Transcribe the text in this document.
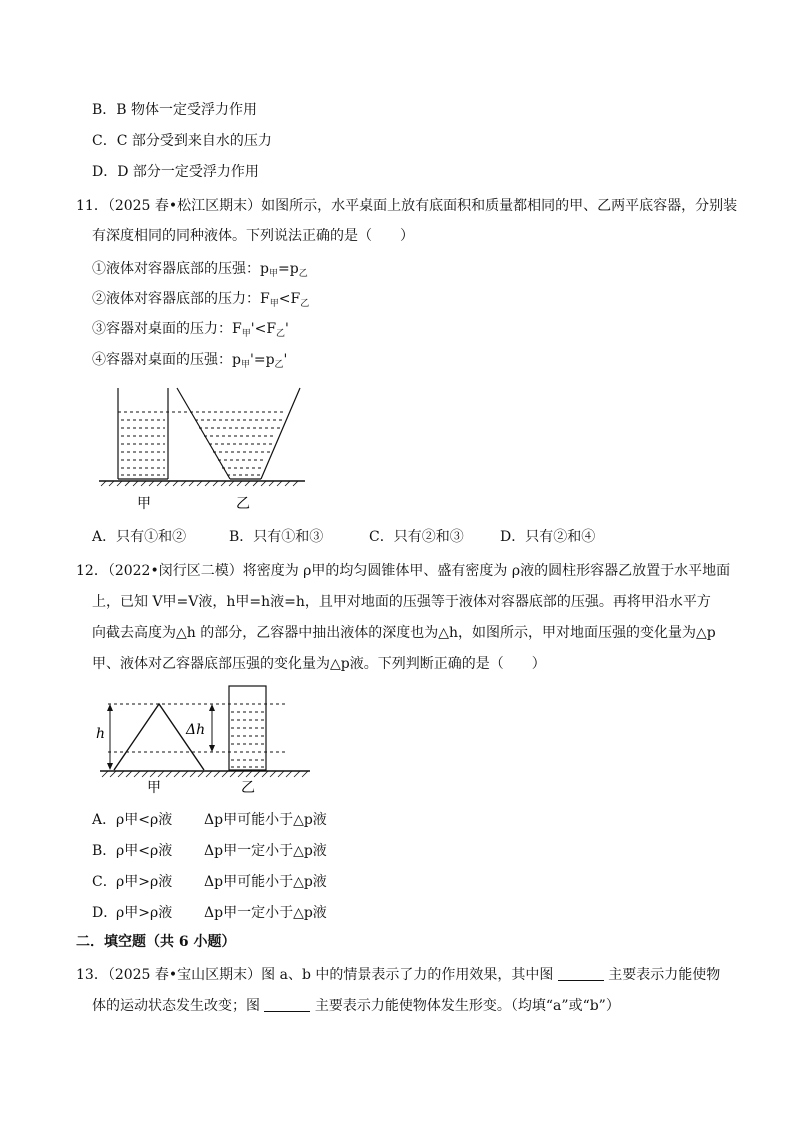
B．B 物体一定受浮力作用
C．C 部分受到来自水的压力
D．D 部分一定受浮力作用
11．（2025 春•松江区期末）如图所示，水平桌面上放有底面积和质量都相同的甲、乙两平底容器，分别装
有深度相同的同种液体。下列说法正确的是（　　）
①液体对容器底部的压强：$p_甲=p_乙$
②液体对容器底部的压力：$F_甲<F_乙$
③容器对桌面的压力：$F_甲'<F_乙'$
④容器对桌面的压强：$p_甲'=p_乙'$
甲	乙
A．只有①和②	B．只有①和③	C．只有②和③	D．只有②和④
12．（2022•闵行区二模）将密度为 ρ甲的均匀圆锥体甲、盛有密度为 ρ液的圆柱形容器乙放置于水平地面
上，已知 V甲=V液，h甲=h液=h，且甲对地面的压强等于液体对容器底部的压强。再将甲沿水平方
向截去高度为△h 的部分，乙容器中抽出液体的深度也为△h，如图所示，甲对地面压强的变化量为△p
甲、液体对乙容器底部压强的变化量为△p液。下列判断正确的是（　　）
h	Δh
甲	乙
A． ρ甲<ρ液 Δp甲可能小于△p液
B． ρ甲<ρ液 Δp甲一定小于△p液
C． ρ甲>ρ液 Δp甲可能小于△p液
D．
ρ甲>ρ液 Δp甲一定小于△p液
二．填空题（共 6 小题）
13．（2025 春•宝山区期末）图 a、b 中的情景表示了力的作用效果，其中图	主要表示力能使物
体的运动状态发生改变；图	主要表示力能使物体发生形变。（均填“a”或“b”）
